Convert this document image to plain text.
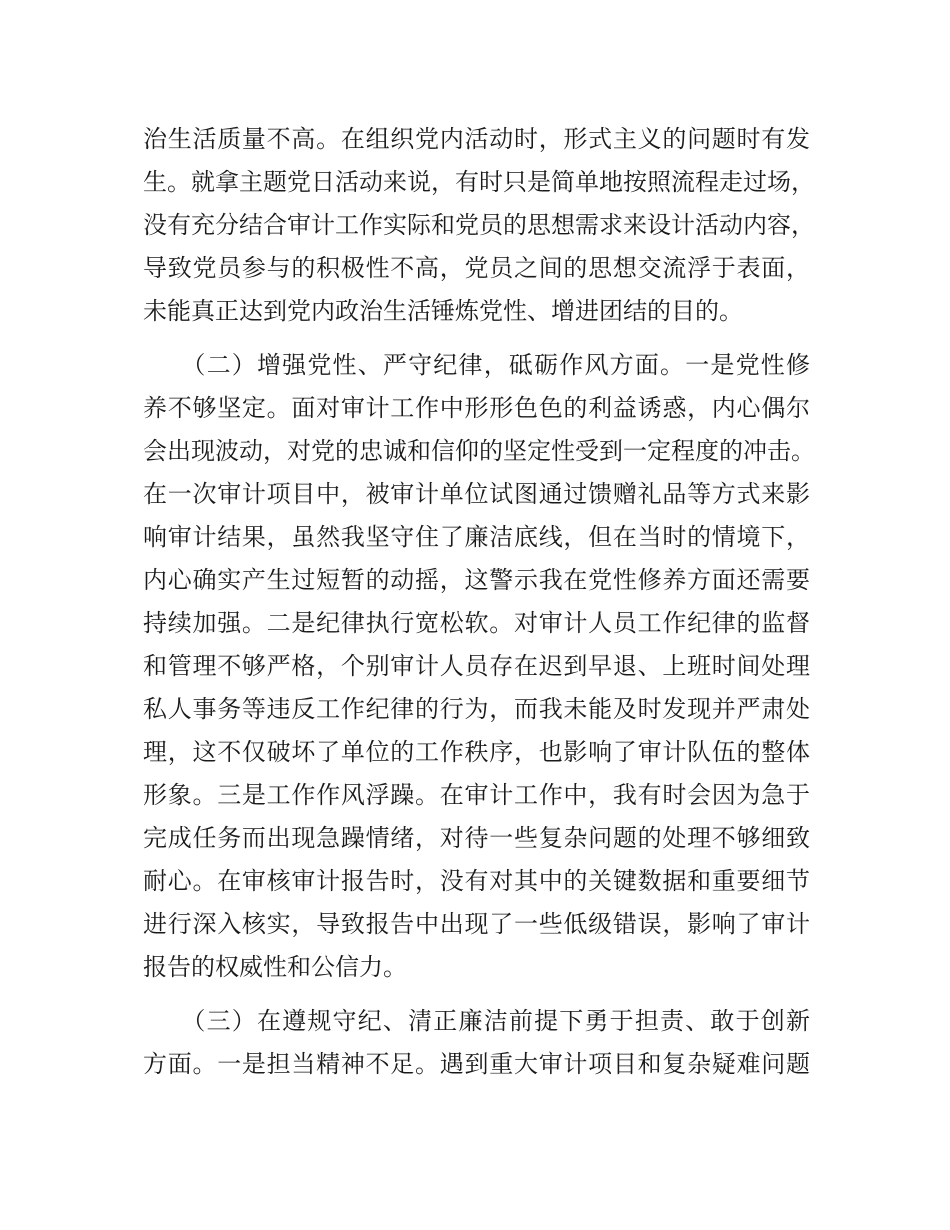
治生活质量不高。在组织党内活动时，形式主义的问题时有发
生。就拿主题党日活动来说，有时只是简单地按照流程走过场，
没有充分结合审计工作实际和党员的思想需求来设计活动内容，
导致党员参与的积极性不高，党员之间的思想交流浮于表面，
未能真正达到党内政治生活锤炼党性、增进团结的目的。
　　（二）增强党性、严守纪律，砥砺作风方面。一是党性修
养不够坚定。面对审计工作中形形色色的利益诱惑，内心偶尔
会出现波动，对党的忠诚和信仰的坚定性受到一定程度的冲击。
在一次审计项目中，被审计单位试图通过馈赠礼品等方式来影
响审计结果，虽然我坚守住了廉洁底线，但在当时的情境下，
内心确实产生过短暂的动摇，这警示我在党性修养方面还需要
持续加强。二是纪律执行宽松软。对审计人员工作纪律的监督
和管理不够严格，个别审计人员存在迟到早退、上班时间处理
私人事务等违反工作纪律的行为，而我未能及时发现并严肃处
理，这不仅破坏了单位的工作秩序，也影响了审计队伍的整体
形象。三是工作作风浮躁。在审计工作中，我有时会因为急于
完成任务而出现急躁情绪，对待一些复杂问题的处理不够细致
耐心。在审核审计报告时，没有对其中的关键数据和重要细节
进行深入核实，导致报告中出现了一些低级错误，影响了审计
报告的权威性和公信力。
　　（三）在遵规守纪、清正廉洁前提下勇于担责、敢于创新
方面。一是担当精神不足。遇到重大审计项目和复杂疑难问题
